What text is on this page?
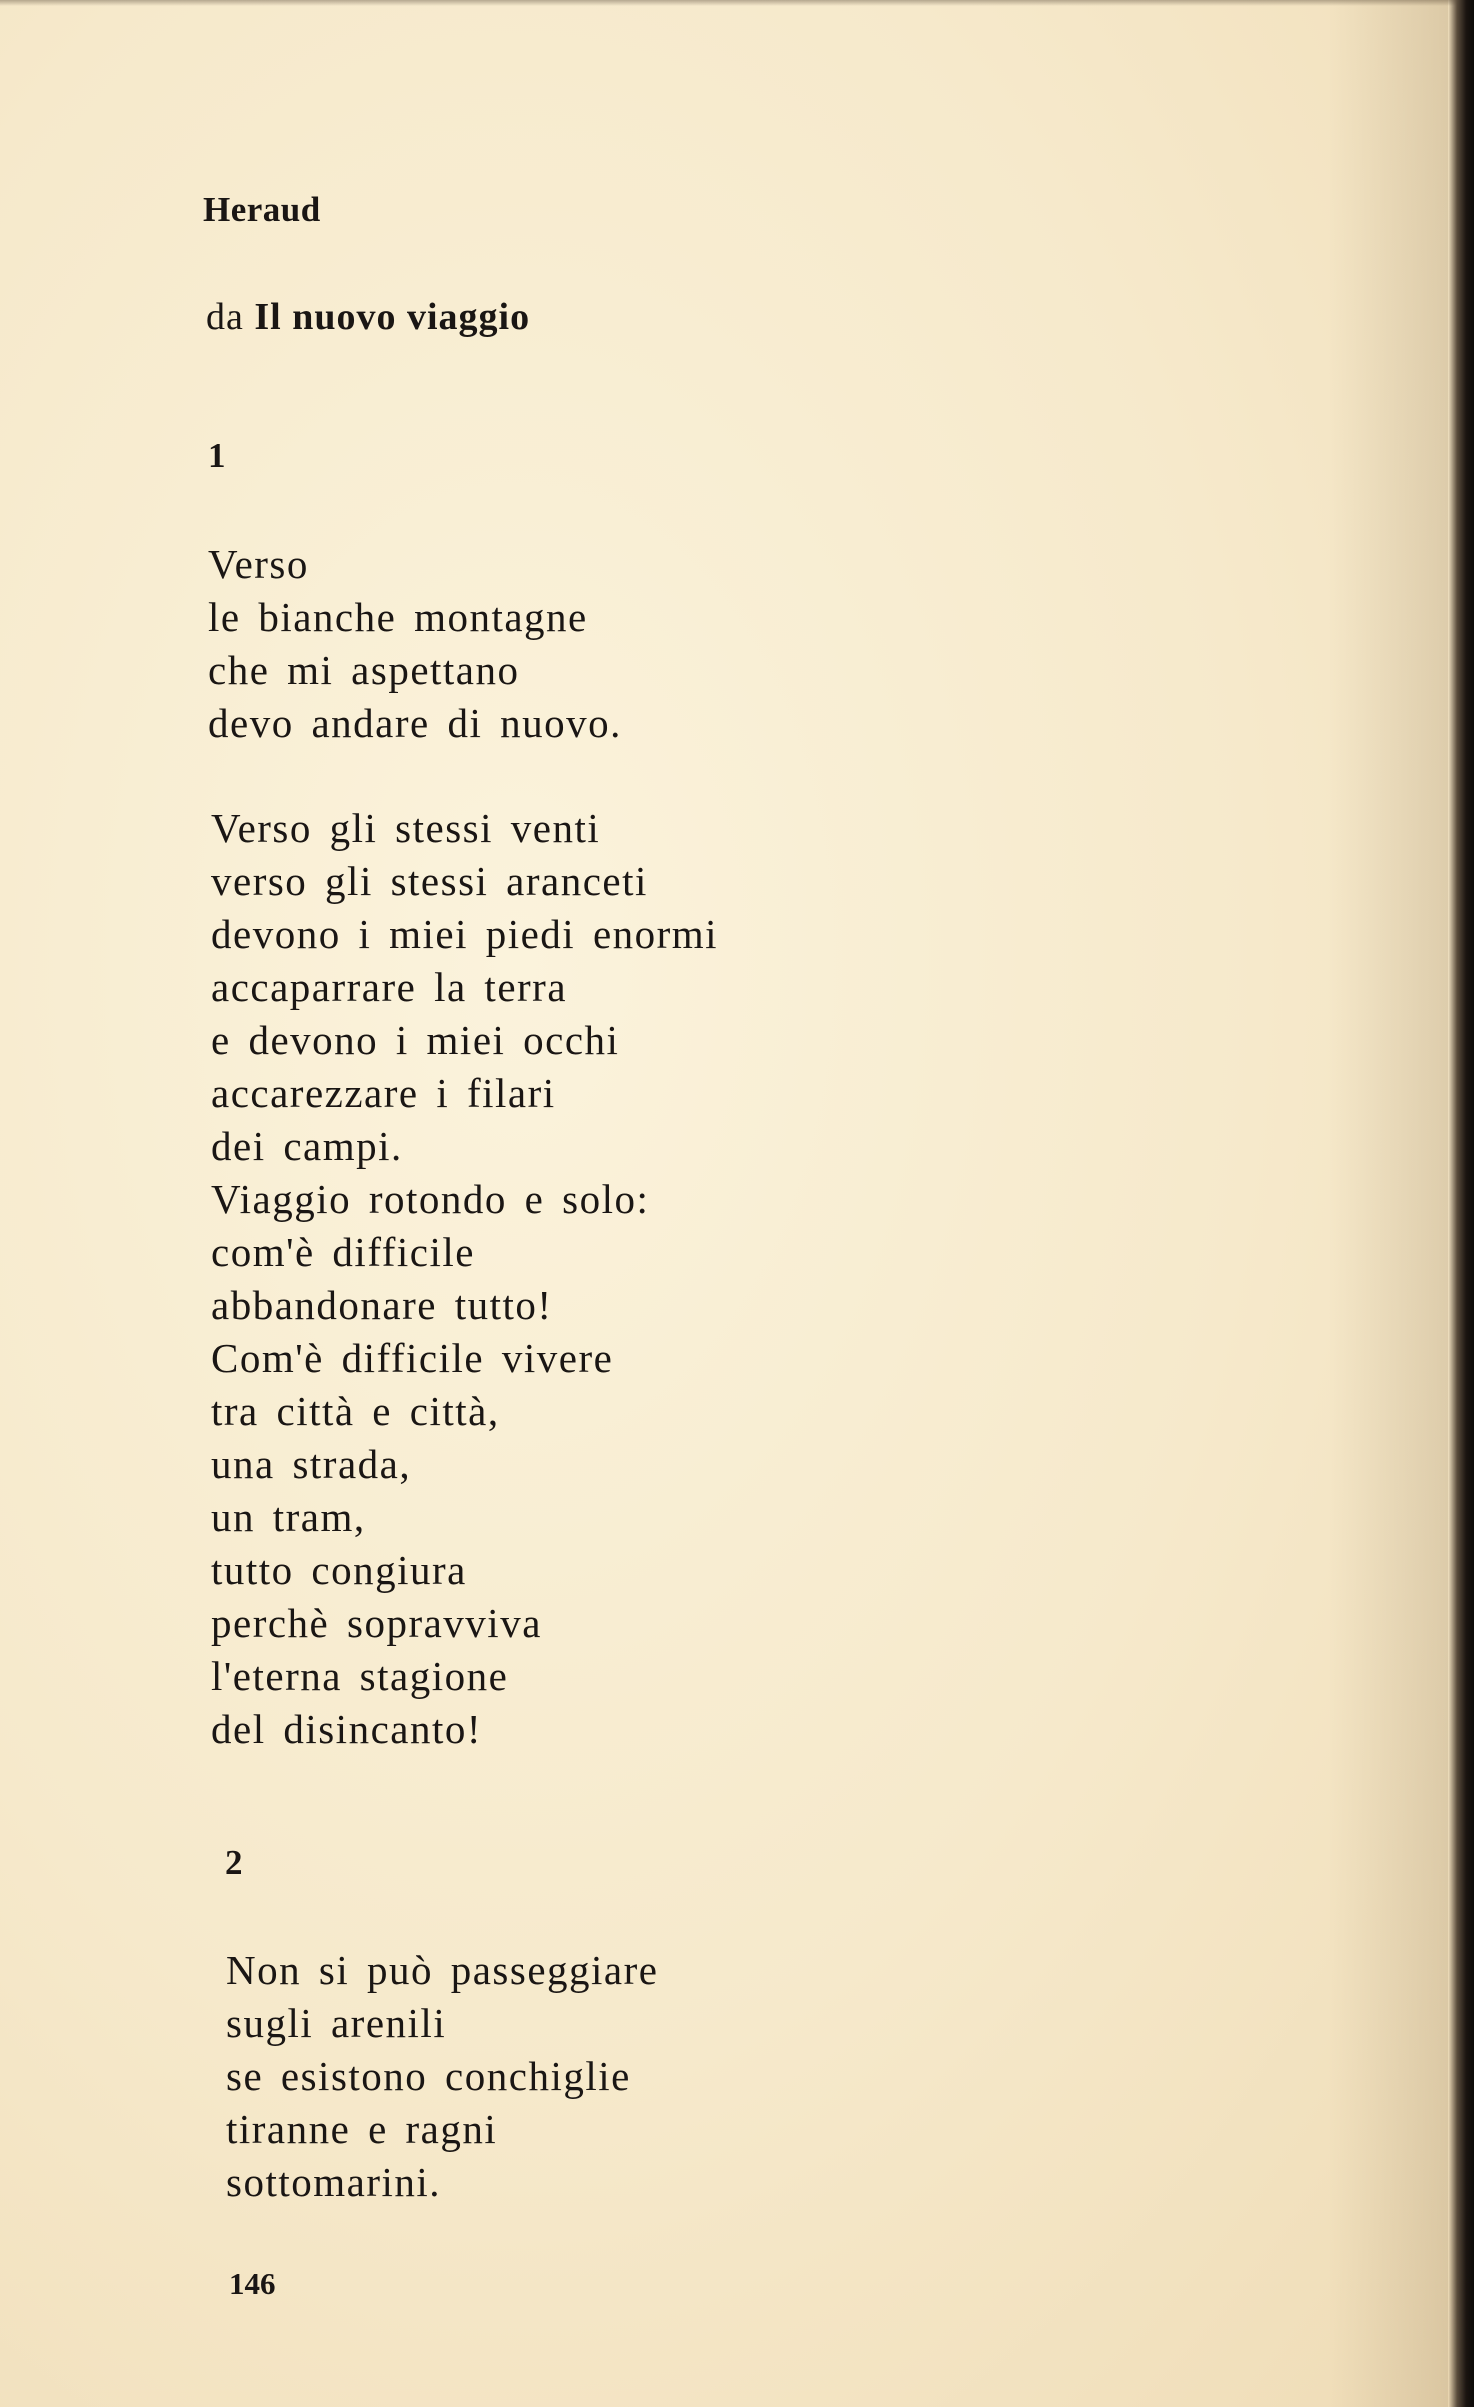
Heraud
da Il nuovo viaggio
1
Verso
le bianche montagne
che mi aspettano
devo andare di nuovo.
Verso gli stessi venti
verso gli stessi aranceti
devono i miei piedi enormi
accaparrare la terra
e devono i miei occhi
accarezzare i filari
dei campi.
Viaggio rotondo e solo:
com'è difficile
abbandonare tutto!
Com'è difficile vivere
tra città e città,
una strada,
un tram,
tutto congiura
perchè sopravviva
l'eterna stagione
del disincanto!
2
Non si può passeggiare
sugli arenili
se esistono conchiglie
tiranne e ragni
sottomarini.
146
